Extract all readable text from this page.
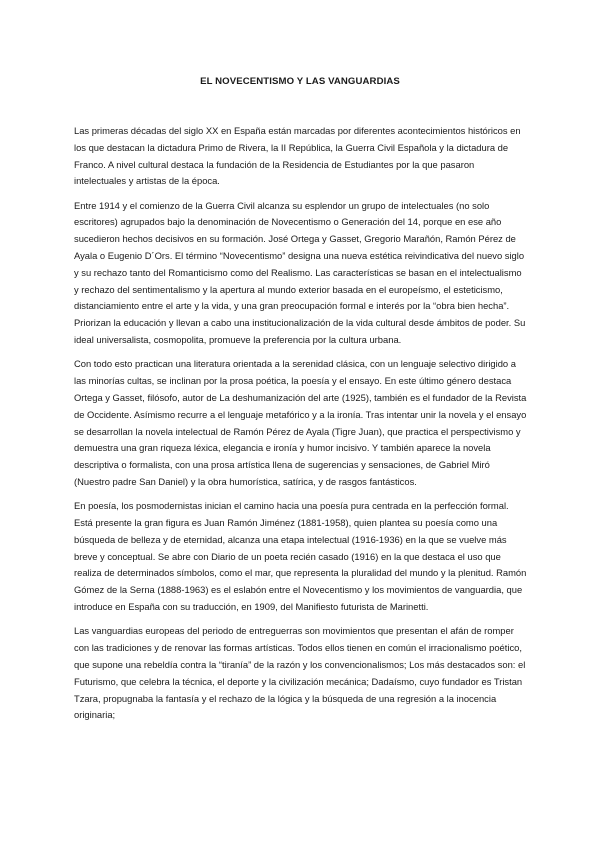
EL NOVECENTISMO Y LAS VANGUARDIAS

Las primeras décadas del siglo XX en España están marcadas por diferentes acontecimientos históricos en los que destacan la dictadura Primo de Rivera, la II República, la Guerra Civil Española y la dictadura de Franco. A nivel cultural destaca la fundación de la Residencia de Estudiantes por la que pasaron intelectuales y artistas de la época.

Entre 1914 y el comienzo de la Guerra Civil alcanza su esplendor un grupo de intelectuales (no solo escritores) agrupados bajo la denominación de Novecentismo o Generación del 14, porque en ese año sucedieron hechos decisivos en su formación. José Ortega y Gasset, Gregorio Marañón, Ramón Pérez de Ayala o Eugenio D´Ors. El término “Novecentismo” designa una nueva estética reivindicativa del nuevo siglo y su rechazo tanto del Romanticismo como del Realismo. Las características se basan en el intelectualismo y rechazo del sentimentalismo y la apertura al mundo exterior basada en el europeísmo, el esteticismo, distanciamiento entre el arte y la vida, y una gran preocupación formal e interés por la “obra bien hecha”. Priorizan la educación y llevan a cabo una institucionalización de la vida cultural desde ámbitos de poder. Su ideal universalista, cosmopolita, promueve la preferencia por la cultura urbana.

Con todo esto practican una literatura orientada a la serenidad clásica, con un lenguaje selectivo dirigido a las minorías cultas, se inclinan por la prosa poética, la poesía y el ensayo. En este último género destaca Ortega y Gasset, filósofo, autor de La deshumanización del arte (1925), también es el fundador de la Revista de Occidente. Asímismo recurre a el lenguaje metafórico y a la ironía. Tras intentar unir la novela y el ensayo se desarrollan la novela intelectual de Ramón Pérez de Ayala (Tigre Juan), que practica el perspectivismo y demuestra una gran riqueza léxica, elegancia e ironía y humor incisivo. Y también aparece la novela descriptiva o formalista, con una prosa artística llena de sugerencias y sensaciones, de Gabriel Miró (Nuestro padre San Daniel) y la obra humorística, satírica, y de rasgos fantásticos.

En poesía, los posmodernistas inician el camino hacia una poesía pura centrada en la perfección formal. Está presente la gran figura es Juan Ramón Jiménez (1881-1958), quien plantea su poesía como una búsqueda de belleza y de eternidad, alcanza una etapa intelectual (1916-1936) en la que se vuelve más breve y conceptual. Se abre con Diario de un poeta recién casado (1916) en la que destaca el uso que realiza de determinados símbolos, como el mar, que representa la pluralidad del mundo y la plenitud. Ramón Gómez de la Serna (1888-1963) es el eslabón entre el Novecentismo y los movimientos de vanguardia, que introduce en España con su traducción, en 1909, del Manifiesto futurista de Marinetti.

Las vanguardias europeas del periodo de entreguerras son movimientos que presentan el afán de romper con las tradiciones y de renovar las formas artísticas. Todos ellos tienen en común el irracionalismo poético, que supone una rebeldía contra la “tiranía” de la razón y los convencionalismos; Los más destacados son: el Futurismo, que celebra la técnica, el deporte y la civilización mecánica; Dadaísmo, cuyo fundador es Tristan Tzara, propugnaba la fantasía y el rechazo de la lógica y la búsqueda de una regresión a la inocencia originaria;
